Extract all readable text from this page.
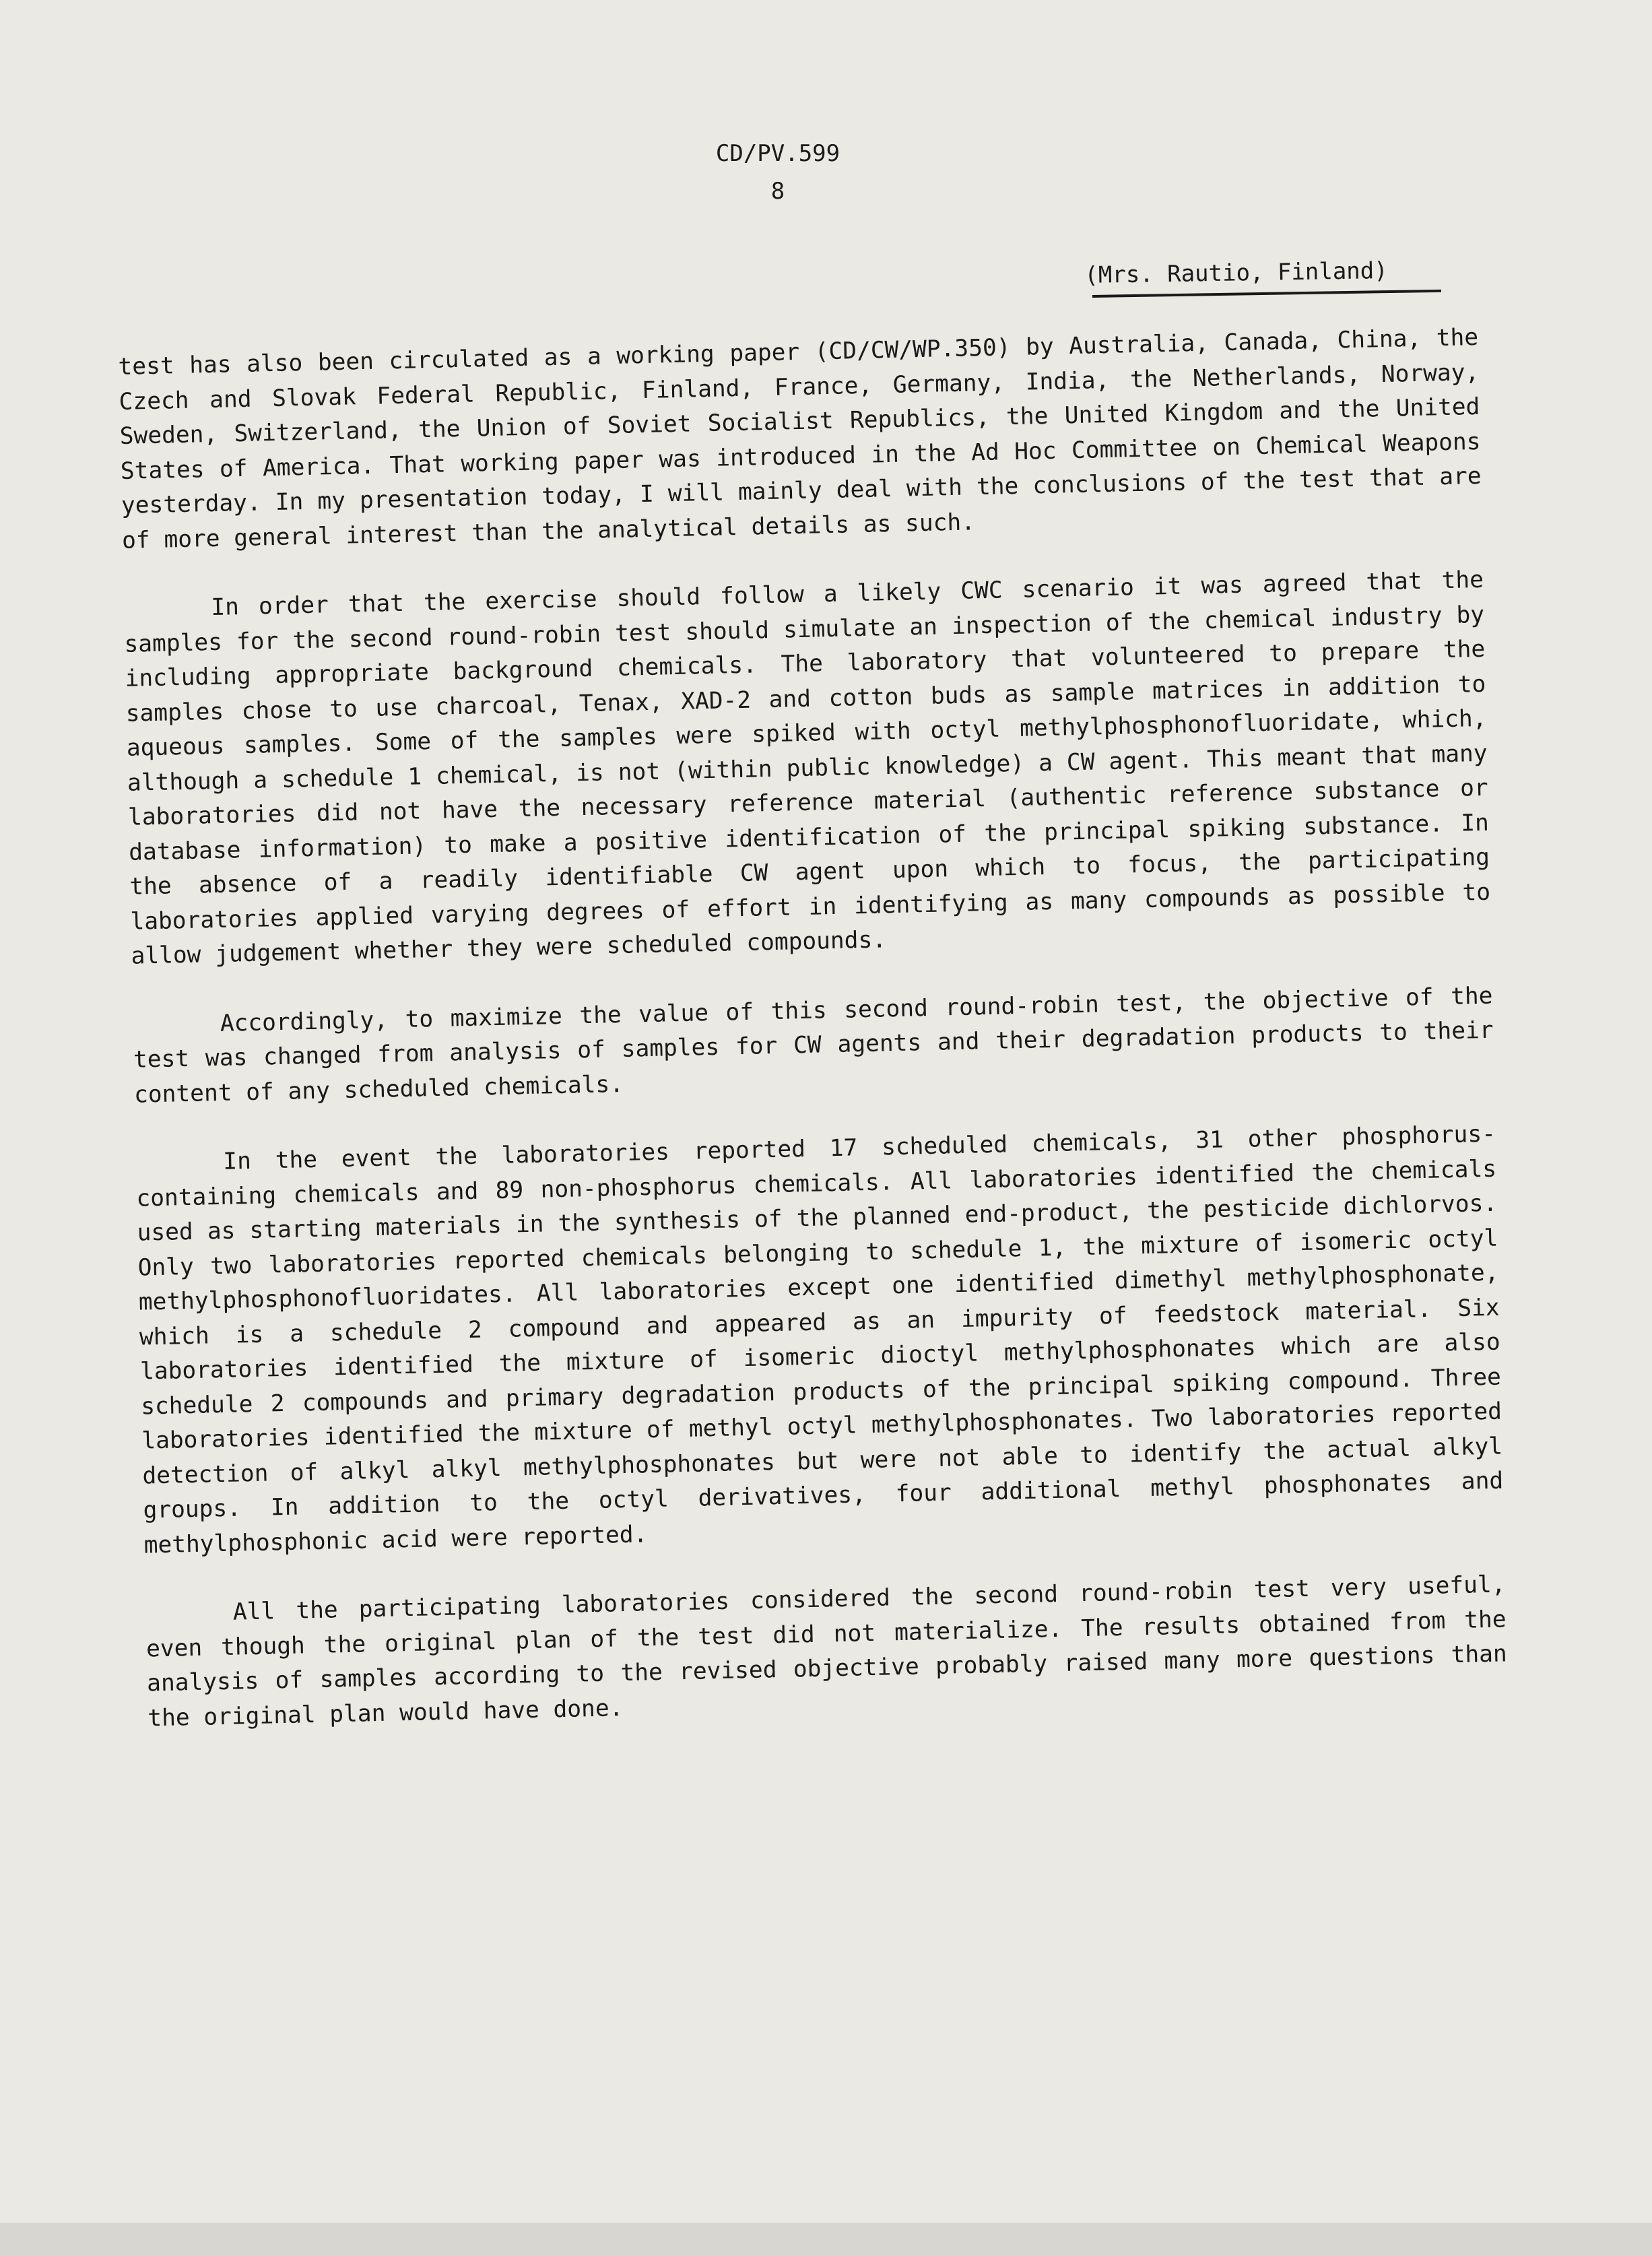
CD/PV.599
8
(Mrs. Rautio, Finland)

test has also been circulated as a working paper (CD/CW/WP.350) by Australia, Canada, China, the Czech and Slovak Federal Republic, Finland, France, Germany, India, the Netherlands, Norway, Sweden, Switzerland, the Union of Soviet Socialist Republics, the United Kingdom and the United States of America. That working paper was introduced in the Ad Hoc Committee on Chemical Weapons yesterday. In my presentation today, I will mainly deal with the conclusions of the test that are of more general interest than the analytical details as such.

In order that the exercise should follow a likely CWC scenario it was agreed that the samples for the second round-robin test should simulate an inspection of the chemical industry by including appropriate background chemicals. The laboratory that volunteered to prepare the samples chose to use charcoal, Tenax, XAD-2 and cotton buds as sample matrices in addition to aqueous samples. Some of the samples were spiked with octyl methylphosphonofluoridate, which, although a schedule 1 chemical, is not (within public knowledge) a CW agent. This meant that many laboratories did not have the necessary reference material (authentic reference substance or database information) to make a positive identification of the principal spiking substance. In the absence of a readily identifiable CW agent upon which to focus, the participating laboratories applied varying degrees of effort in identifying as many compounds as possible to allow judgement whether they were scheduled compounds.

Accordingly, to maximize the value of this second round-robin test, the objective of the test was changed from analysis of samples for CW agents and their degradation products to their content of any scheduled chemicals.

In the event the laboratories reported 17 scheduled chemicals, 31 other phosphorus-containing chemicals and 89 non-phosphorus chemicals. All laboratories identified the chemicals used as starting materials in the synthesis of the planned end-product, the pesticide dichlorvos. Only two laboratories reported chemicals belonging to schedule 1, the mixture of isomeric octyl methylphosphonofluoridates. All laboratories except one identified dimethyl methylphosphonate, which is a schedule 2 compound and appeared as an impurity of feedstock material. Six laboratories identified the mixture of isomeric dioctyl methylphosphonates which are also schedule 2 compounds and primary degradation products of the principal spiking compound. Three laboratories identified the mixture of methyl octyl methylphosphonates. Two laboratories reported detection of alkyl alkyl methylphosphonates but were not able to identify the actual alkyl groups. In addition to the octyl derivatives, four additional methyl phosphonates and methylphosphonic acid were reported.

All the participating laboratories considered the second round-robin test very useful, even though the original plan of the test did not materialize. The results obtained from the analysis of samples according to the revised objective probably raised many more questions than the original plan would have done.
